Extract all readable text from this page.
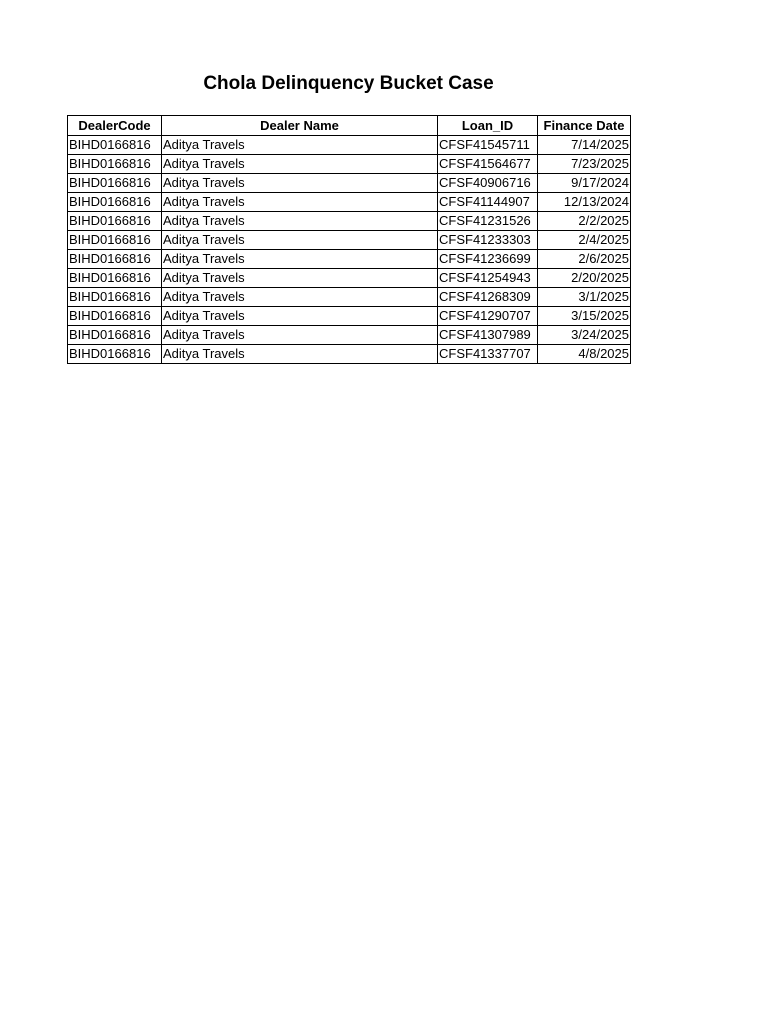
Chola Delinquency Bucket Case
DealerCode	Dealer Name	Loan_ID	Finance Date
BIHD0166816	Aditya Travels	CFSF41545711	7/14/2025
BIHD0166816	Aditya Travels	CFSF41564677	7/23/2025
BIHD0166816	Aditya Travels	CFSF40906716	9/17/2024
BIHD0166816	Aditya Travels	CFSF41144907	12/13/2024
BIHD0166816	Aditya Travels	CFSF41231526	2/2/2025
BIHD0166816	Aditya Travels	CFSF41233303	2/4/2025
BIHD0166816	Aditya Travels	CFSF41236699	2/6/2025
BIHD0166816	Aditya Travels	CFSF41254943	2/20/2025
BIHD0166816	Aditya Travels	CFSF41268309	3/1/2025
BIHD0166816	Aditya Travels	CFSF41290707	3/15/2025
BIHD0166816	Aditya Travels	CFSF41307989	3/24/2025
BIHD0166816	Aditya Travels	CFSF41337707	4/8/2025
